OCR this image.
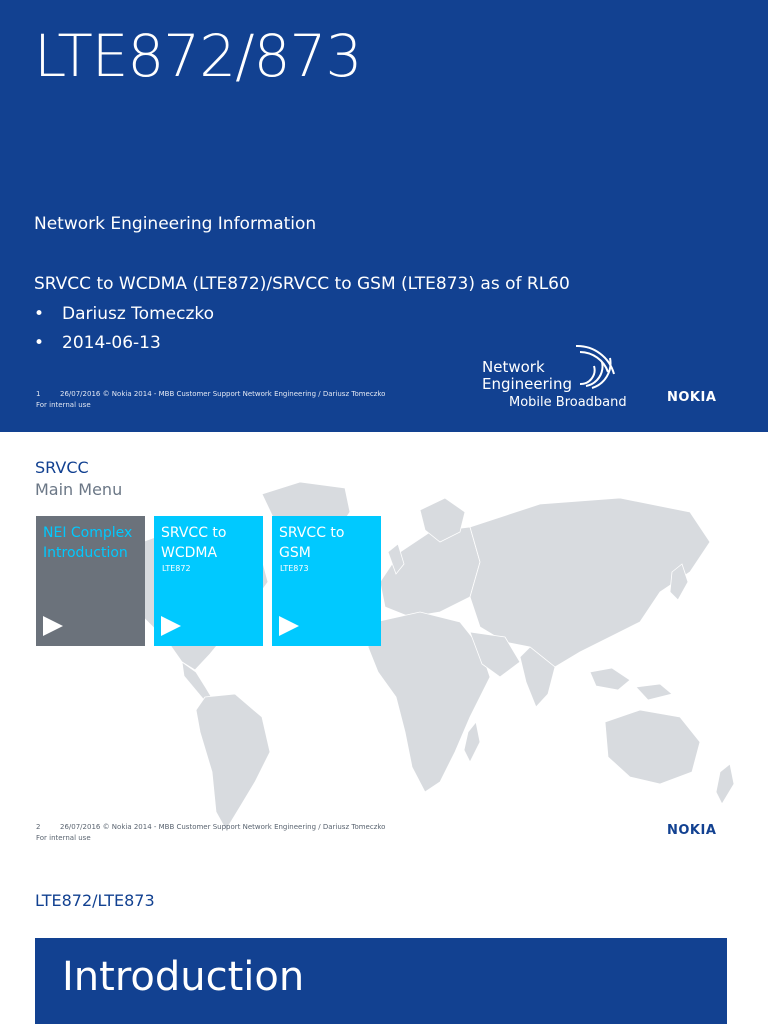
LTE872/873
Network Engineering Information
SRVCC to WCDMA (LTE872)/SRVCC to GSM (LTE873) as of RL60
•	Dariusz Tomeczko
•	2014-06-13
1	26/07/2016 © Nokia 2014 - MBB Customer Support Network Engineering / Dariusz Tomeczko
For internal use
Network
Engineering
Mobile Broadband	NOKIA
SRVCC
Main Menu
NEI Complex Introduction
SRVCC to WCDMA
LTE872
SRVCC to GSM
LTE873
2	26/07/2016 © Nokia 2014 - MBB Customer Support Network Engineering / Dariusz Tomeczko
For internal use	NOKIA
LTE872/LTE873
Introduction
